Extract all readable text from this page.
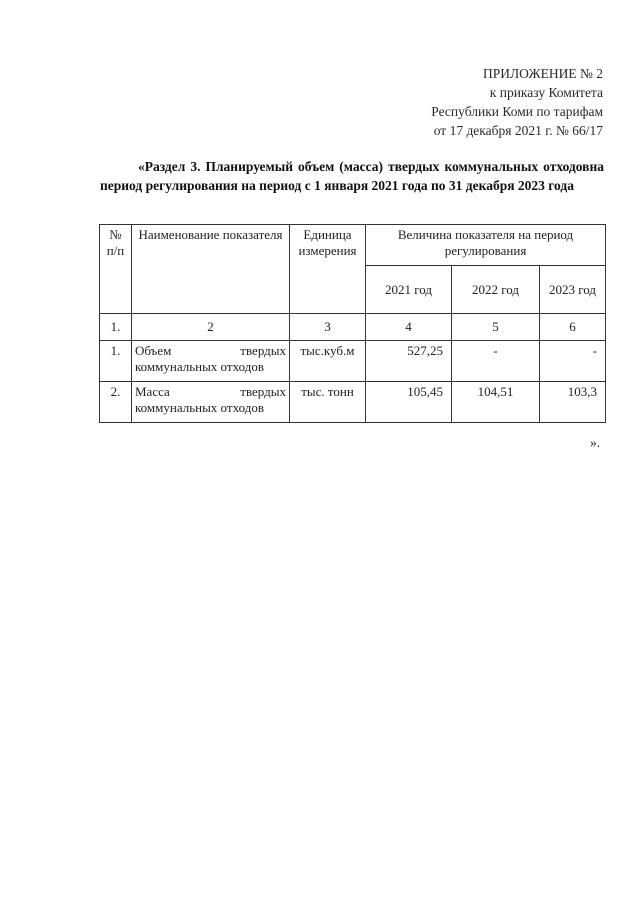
ПРИЛОЖЕНИЕ № 2
к приказу Комитета
Республики Коми по тарифам
от 17 декабря 2021 г. № 66/17
«Раздел 3. Планируемый объем (масса) твердых коммунальных отходовна период регулирования на период с 1 января 2021 года по 31 декабря 2023 года
№ п/п	Наименование показателя	Единица измерения	Величина показателя на период регулирования		
			2021 год	2022 год	2023 год
1.	2	3	4	5	6
1.	Объем твердых коммунальных отходов	тыс.куб.м	527,25	-	-
2.	Масса твердых коммунальных отходов	тыс. тонн	105,45	104,51	103,3
».
